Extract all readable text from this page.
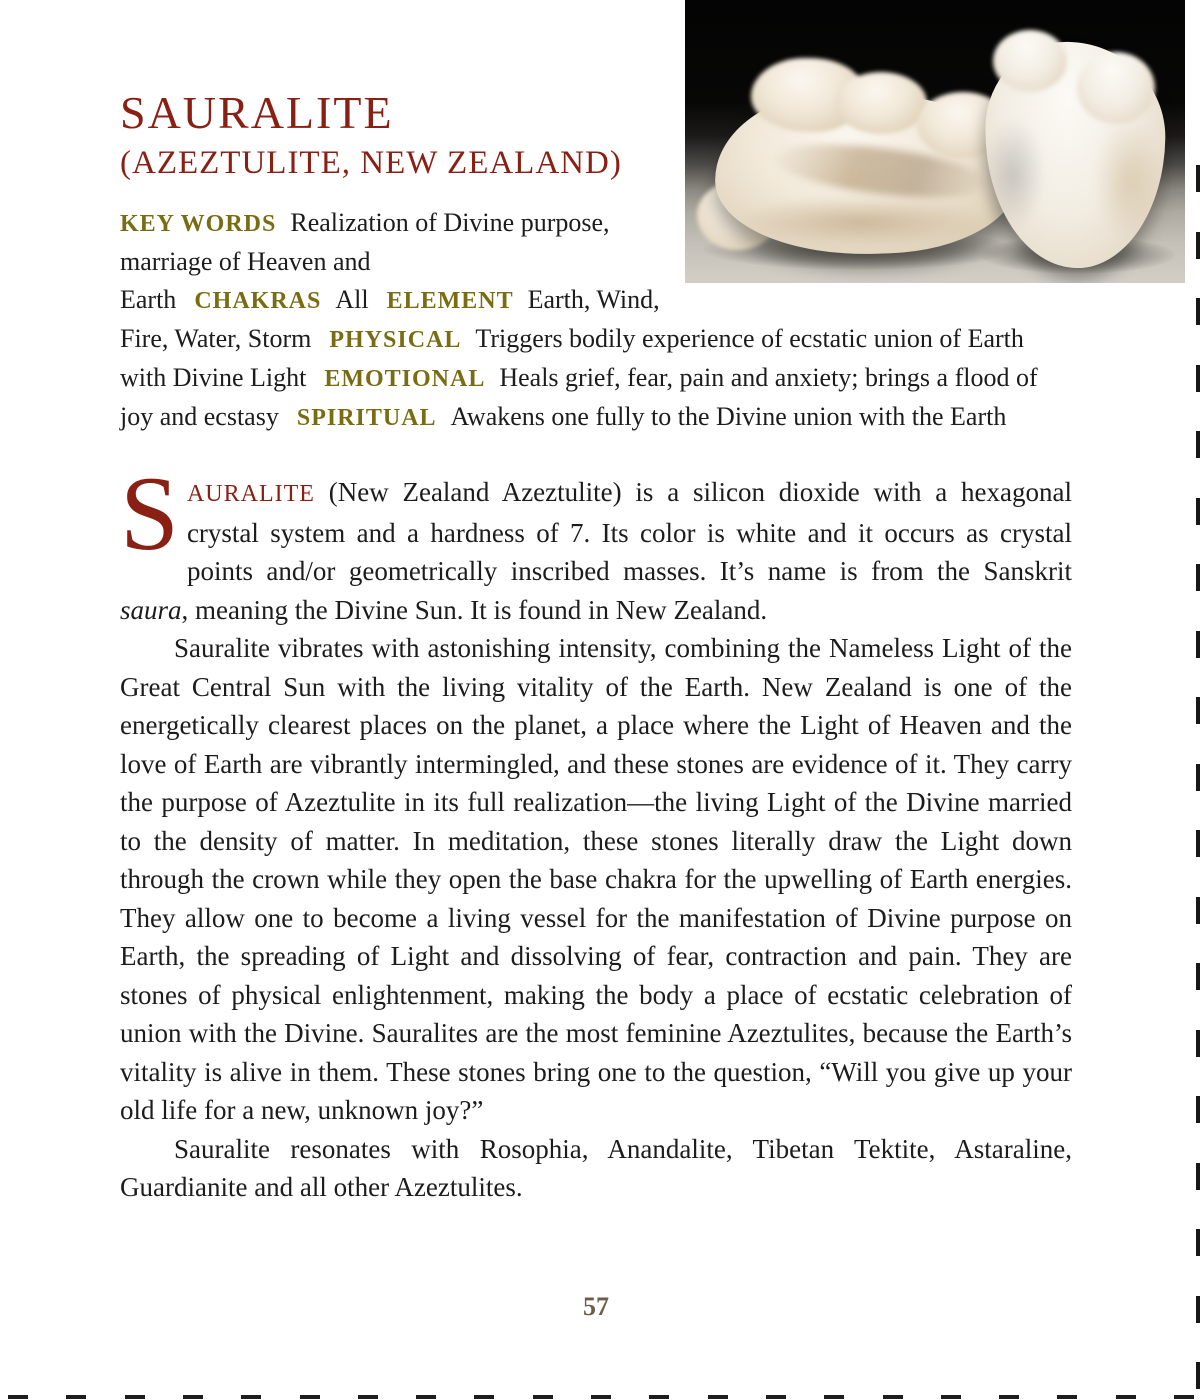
SAURALITE
(AZEZTULITE, NEW ZEALAND)
KEY WORDS Realization of Divine purpose, marriage of Heaven and Earth CHAKRAS All ELEMENT Earth, Wind, Fire, Water, Storm PHYSICAL Triggers bodily experience of ecstatic union of Earth with Divine Light EMOTIONAL Heals grief, fear, pain and anxiety; brings a flood of joy and ecstasy SPIRITUAL Awakens one fully to the Divine union with the Earth

SAURALITE (New Zealand Azeztulite) is a silicon dioxide with a hexagonal crystal system and a hardness of 7. Its color is white and it occurs as crystal points and/or geometrically inscribed masses. It’s name is from the Sanskrit saura, meaning the Divine Sun. It is found in New Zealand.

Sauralite vibrates with astonishing intensity, combining the Nameless Light of the Great Central Sun with the living vitality of the Earth. New Zealand is one of the energetically clearest places on the planet, a place where the Light of Heaven and the love of Earth are vibrantly intermingled, and these stones are evidence of it. They carry the purpose of Azeztulite in its full realization—the living Light of the Divine married to the density of matter. In meditation, these stones literally draw the Light down through the crown while they open the base chakra for the upwelling of Earth energies. They allow one to become a living vessel for the manifestation of Divine purpose on Earth, the spreading of Light and dissolving of fear, contraction and pain. They are stones of physical enlightenment, making the body a place of ecstatic celebration of union with the Divine. Sauralites are the most feminine Azeztulites, because the Earth’s vitality is alive in them. These stones bring one to the question, “Will you give up your old life for a new, unknown joy?”

Sauralite resonates with Rosophia, Anandalite, Tibetan Tektite, Astaraline, Guardianite and all other Azeztulites.

57
